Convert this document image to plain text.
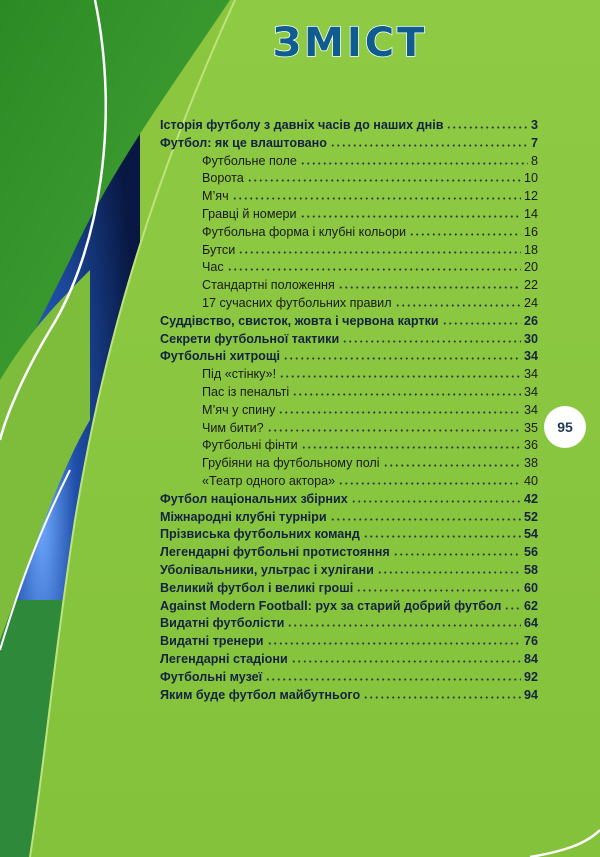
ЗМІСТ
Історія футболу з давніх часів до наших днів	3
Футбол: як це влаштовано	7
Футбольне поле	8
Ворота	10
М’яч	12
Гравці й номери	14
Футбольна форма і клубні кольори	16
Бутси	18
Час	20
Стандартні положення	22
17 сучасних футбольних правил	24
Суддівство, свисток, жовта і червона картки	26
Секрети футбольної тактики	30
Футбольні хитрощі	34
Під «стінку»!	34
Пас із пенальті	34
М’яч у спину	34
Чим бити?	35
Футбольні фінти	36
Грубіяни на футбольному полі	38
«Театр одного актора»	40
Футбол національних збірних	42
Міжнародні клубні турніри	52
Прізвиська футбольних команд	54
Легендарні футбольні протистояння	56
Уболівальники, ультрас і хулігани	58
Великий футбол і великі гроші	60
Against Modern Football: рух за старий добрий футбол 62
Видатні футболісти	64
Видатні тренери	76
Легендарні стадіони	84
Футбольні музеї	92
Яким буде футбол майбутнього	94
95
